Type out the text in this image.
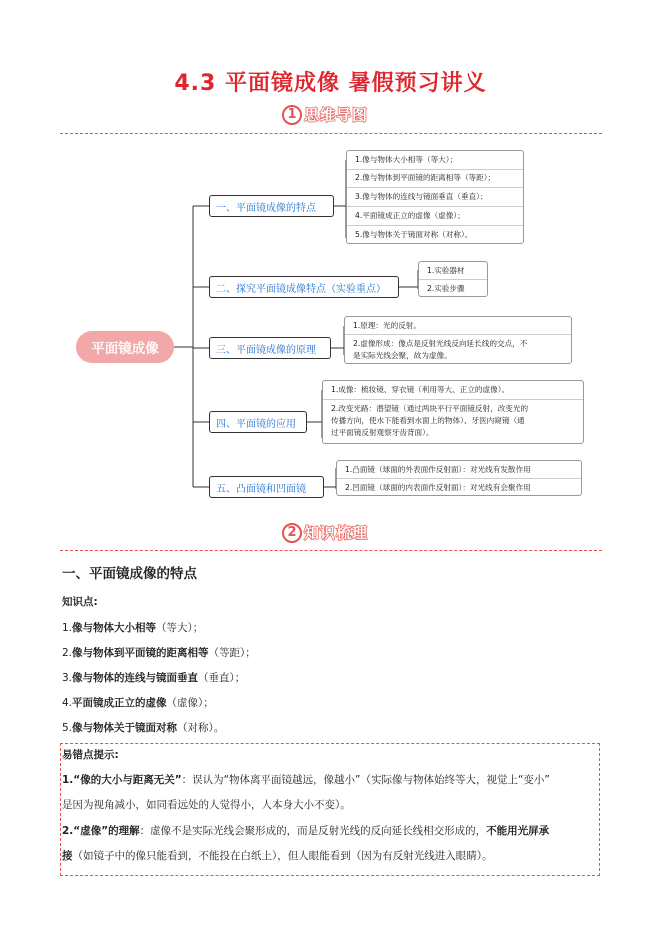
4.3 平面镜成像 暑假预习讲义
1 思维导图
平面镜成像
一、平面镜成像的特点
1.像与物体大小相等（等大）；
2.像与物体到平面镜的距离相等（等距）；
3.像与物体的连线与镜面垂直（垂直）；
4.平面镜成正立的虚像（虚像）；
5.像与物体关于镜面对称（对称）。
二、探究平面镜成像特点（实验重点）
1.实验器材
2.实验步骤
三、平面镜成像的原理
1.原理：光的反射。
2.虚像形成：像点是反射光线反向延长线的交点，不
是实际光线会聚，故为虚像。
四、平面镜的应用
1.成像：梳妆镜、穿衣镜（利用等大、正立的虚像）。
2.改变光路：潜望镜（通过两块平行平面镜反射，改变光的
传播方向，使水下能看到水面上的物体）、牙医内窥镜（通
过平面镜反射观察牙齿背面）。
五、凸面镜和凹面镜
1.凸面镜（球面的外表面作反射面）：对光线有发散作用
2.凹面镜（球面的内表面作反射面）：对光线有会聚作用
2 知识梳理
一、平面镜成像的特点
知识点:
1.像与物体大小相等（等大）；
2.像与物体到平面镜的距离相等（等距）；
3.像与物体的连线与镜面垂直（垂直）；
4.平面镜成正立的虚像（虚像）；
5.像与物体关于镜面对称（对称）。
易错点提示:
1.“像的大小与距离无关”：误认为“物体离平面镜越远，像越小”（实际像与物体始终等大，视觉上“变小”
是因为视角减小，如同看远处的人觉得小，人本身大小不变）。
2.“虚像”的理解：虚像不是实际光线会聚形成的，而是反射光线的反向延长线相交形成的，不能用光屏承
接（如镜子中的像只能看到，不能投在白纸上），但人眼能看到（因为有反射光线进入眼睛）。
